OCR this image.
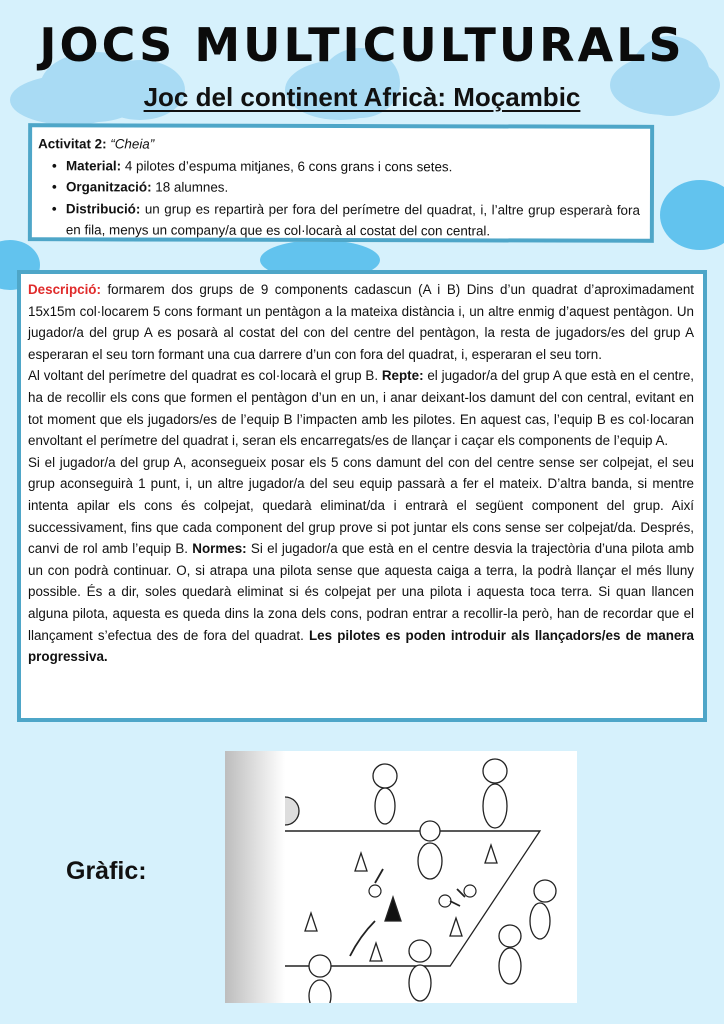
JOCS MULTICULTURALS
Joc del continent Africà: Moçambic
Activitat 2: “Cheia”
• Material: 4 pilotes d’espuma mitjanes, 6 cons grans i cons setes.
• Organització: 18 alumnes.
• Distribució: un grup es repartirà per fora del perímetre del quadrat, i, l’altre grup esperarà fora en fila, menys un company/a que es col·locarà al costat del con central.

Descripció: formarem dos grups de 9 components cadascun (A i B) Dins d’un quadrat d’aproximadament 15x15m col·locarem 5 cons formant un pentàgon a la mateixa distància i, un altre enmig d’aquest pentàgon. Un jugador/a del grup A es posarà al costat del con del centre del pentàgon, la resta de jugadors/es del grup A esperaran el seu torn formant una cua darrere d’un con fora del quadrat, i, esperaran el seu torn.

Al voltant del perímetre del quadrat es col·locarà el grup B. Repte: el jugador/a del grup A que està en el centre, ha de recollir els cons que formen el pentàgon d’un en un, i anar deixant-los damunt del con central, evitant en tot moment que els jugadors/es de l’equip B l’impacten amb les pilotes. En aquest cas, l’equip B es col·locaran envoltant el perímetre del quadrat i, seran els encarregats/es de llançar i caçar els components de l’equip A.

Si el jugador/a del grup A, aconsegueix posar els 5 cons damunt del con del centre sense ser colpejat, el seu grup aconseguirà 1 punt, i, un altre jugador/a del seu equip passarà a fer el mateix. D’altra banda, si mentre intenta apilar els cons és colpejat, quedarà eliminat/da i entrarà el següent component del grup. Així successivament, fins que cada component del grup prove si pot juntar els cons sense ser colpejat/da. Després, canvi de rol amb l’equip B. Normes: Si el jugador/a que està en el centre desvia la trajectòria d’una pilota amb un con podrà continuar. O, si atrapa una pilota sense que aquesta caiga a terra, la podrà llançar el més lluny possible. És a dir, soles quedarà eliminat si és colpejat per una pilota i aquesta toca terra. Si quan llancen alguna pilota, aquesta es queda dins la zona dels cons, podran entrar a recollir-la però, han de recordar que el llançament s’efectua des de fora del quadrat. Les pilotes es poden introduir als llançadors/es de manera progressiva.

Gràfic:
